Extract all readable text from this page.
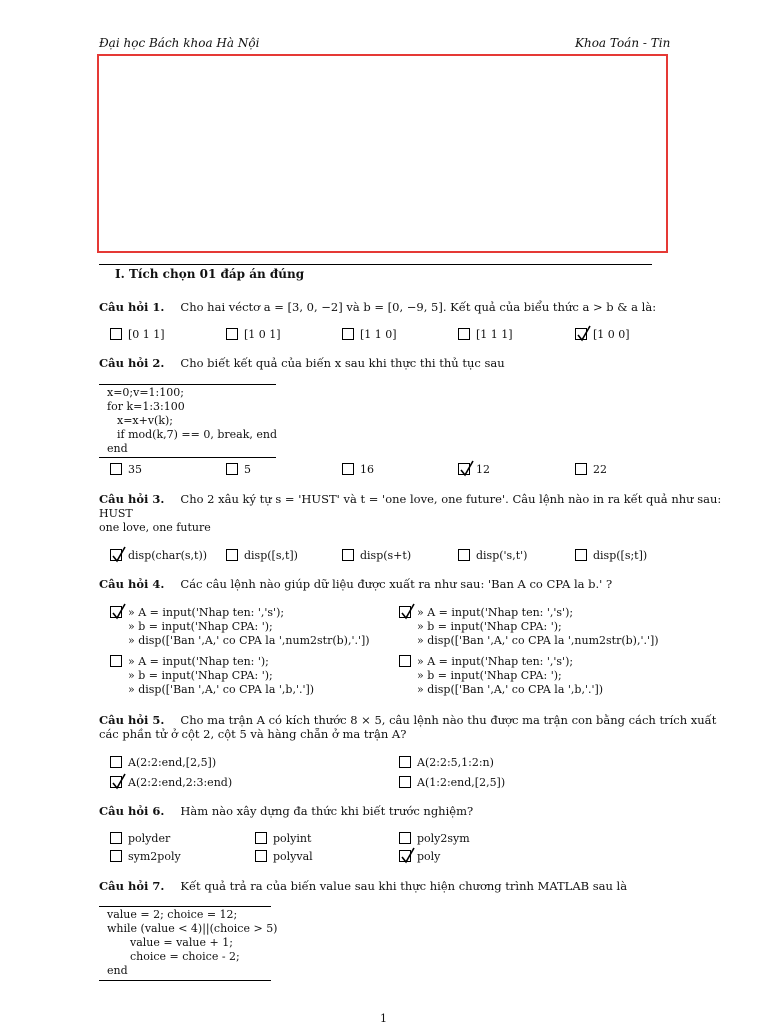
Đại học Bách khoa Hà Nội	Khoa Toán - Tin
I. Tích chọn 01 đáp án đúng
Câu hỏi 1. Cho hai véctơ a = [3, 0, −2] và b = [0, −9, 5]. Kết quả của biểu thức a > b & a là:
[0 1 1]	[1 0 1]	[1 1 0]	[1 1 1]	[1 0 0]
Câu hỏi 2. Cho biết kết quả của biến x sau khi thực thi thủ tục sau
x=0;v=1:100;
for k=1:3:100
x=x+v(k);
if mod(k,7) == 0, break, end
end
35	5	16	12	22
Câu hỏi 3. Cho 2 xâu ký tự s = 'HUST' và t = 'one love, one future'. Câu lệnh nào in ra kết quả như sau:
HUST
one love, one future
disp(char(s,t))	disp([s,t])	disp(s+t)	disp('s,t')	disp([s;t])
Câu hỏi 4. Các câu lệnh nào giúp dữ liệu được xuất ra như sau: 'Ban A co CPA la b.' ?
» A = input('Nhap ten: ','s');
» b = input('Nhap CPA: ');
» disp(['Ban ',A,' co CPA la ',num2str(b),'.'])
» A = input('Nhap ten: ','s');
» b = input('Nhap CPA: ');
» disp(['Ban ',A,' co CPA la ',num2str(b),'.'])
» A = input('Nhap ten: ');
» b = input('Nhap CPA: ');
» disp(['Ban ',A,' co CPA la ',b,'.'])
» A = input('Nhap ten: ','s');
» b = input('Nhap CPA: ');
» disp(['Ban ',A,' co CPA la ',b,'.'])
Câu hỏi 5. Cho ma trận A có kích thước 8 × 5, câu lệnh nào thu được ma trận con bằng cách trích xuất
các phần tử ở cột 2, cột 5 và hàng chẵn ở ma trận A?
A(2:2:end,[2,5])	A(2:2:5,1:2:n)
A(2:2:end,2:3:end)	A(1:2:end,[2,5])
Câu hỏi 6. Hàm nào xây dựng đa thức khi biết trước nghiệm?
polyder	polyint	poly2sym
sym2poly	polyval	poly
Câu hỏi 7. Kết quả trả ra của biến value sau khi thực hiện chương trình MATLAB sau là
value = 2; choice = 12;
while (value < 4)||(choice > 5)
value = value + 1;
choice = choice - 2;
end
1
